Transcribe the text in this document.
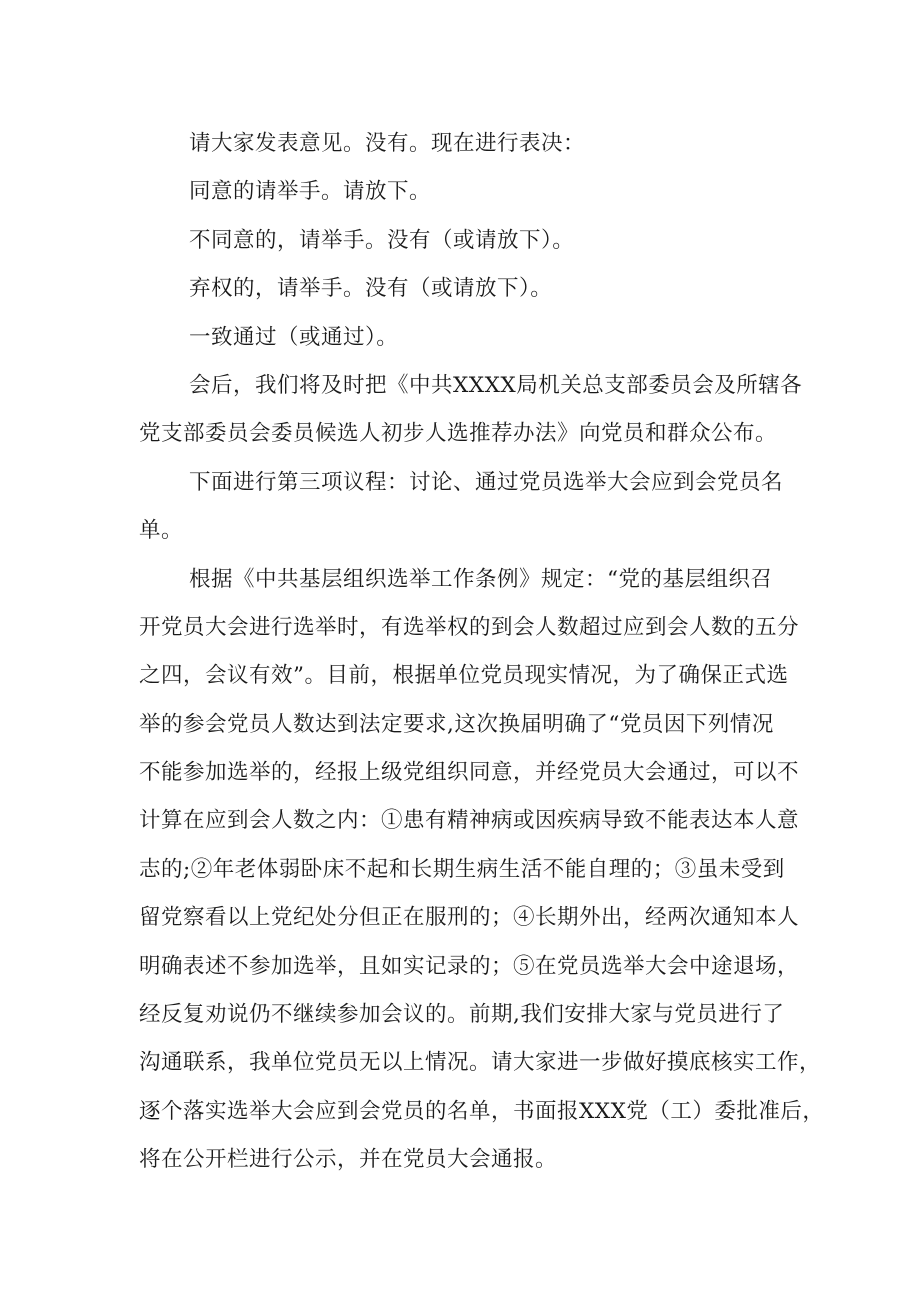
请大家发表意见。没有。现在进行表决：
同意的请举手。请放下。
不同意的，请举手。没有（或请放下）。
弃权的，请举手。没有（或请放下）。
一致通过（或通过）。
会后，我们将及时把《中共XXXX局机关总支部委员会及所辖各
党支部委员会委员候选人初步人选推荐办法》向党员和群众公布。
下面进行第三项议程：讨论、通过党员选举大会应到会党员名
单。
根据《中共基层组织选举工作条例》规定：“党的基层组织召
开党员大会进行选举时，有选举权的到会人数超过应到会人数的五分
之四，会议有效”。目前，根据单位党员现实情况，为了确保正式选
举的参会党员人数达到法定要求,这次换届明确了“党员因下列情况
不能参加选举的，经报上级党组织同意，并经党员大会通过，可以不
计算在应到会人数之内：①患有精神病或因疾病导致不能表达本人意
志的;②年老体弱卧床不起和长期生病生活不能自理的；③虽未受到
留党察看以上党纪处分但正在服刑的；④长期外出，经两次通知本人
明确表述不参加选举，且如实记录的；⑤在党员选举大会中途退场，
经反复劝说仍不继续参加会议的。前期,我们安排大家与党员进行了
沟通联系，我单位党员无以上情况。请大家进一步做好摸底核实工作，
逐个落实选举大会应到会党员的名单，书面报XXX党（工）委批准后，
将在公开栏进行公示，并在党员大会通报。
